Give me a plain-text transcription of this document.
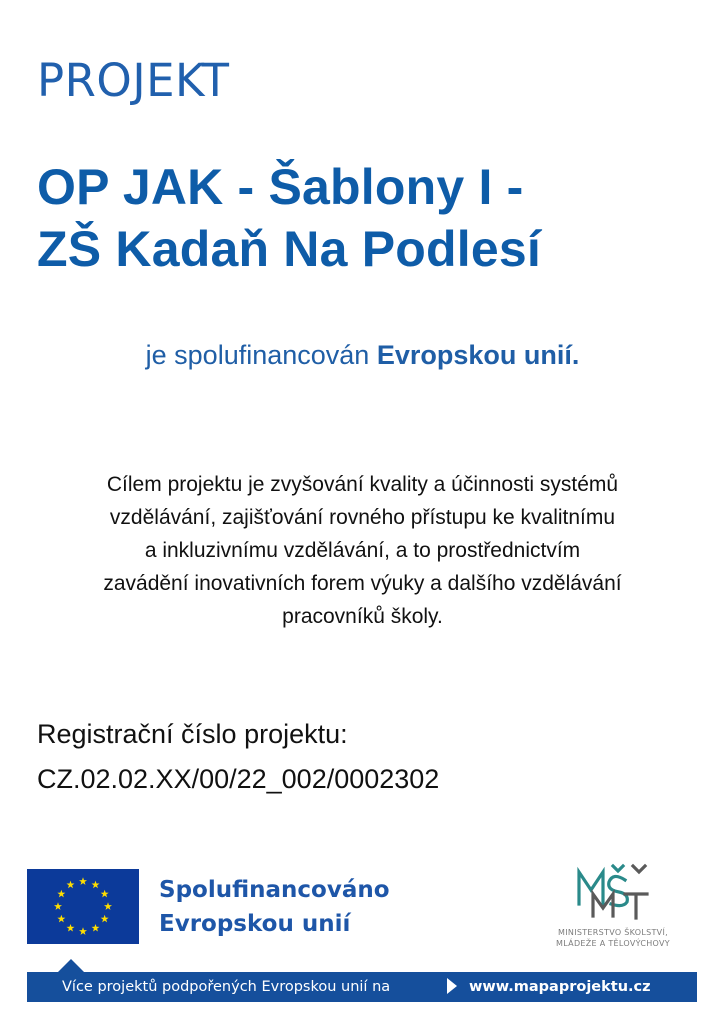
PROJEKT
OP JAK - Šablony I -
ZŠ Kadaň Na Podlesí
je spolufinancován Evropskou unií.
Cílem projektu je zvyšování kvality a účinnosti systémů
vzdělávání, zajišťování rovného přístupu ke kvalitnímu
a inkluzivnímu vzdělávání, a to prostřednictvím
zavádění inovativních forem výuky a dalšího vzdělávání
pracovníků školy.
Registrační číslo projektu:
CZ.02.02.XX/00/22_002/0002302
Spolufinancováno
Evropskou unií	MINISTERSTVO ŠKOLSTVÍ,
MLÁDEŽE A TĚLOVÝCHOVY
Více projektů podpořených Evropskou unií na	www.mapaprojektu.cz
